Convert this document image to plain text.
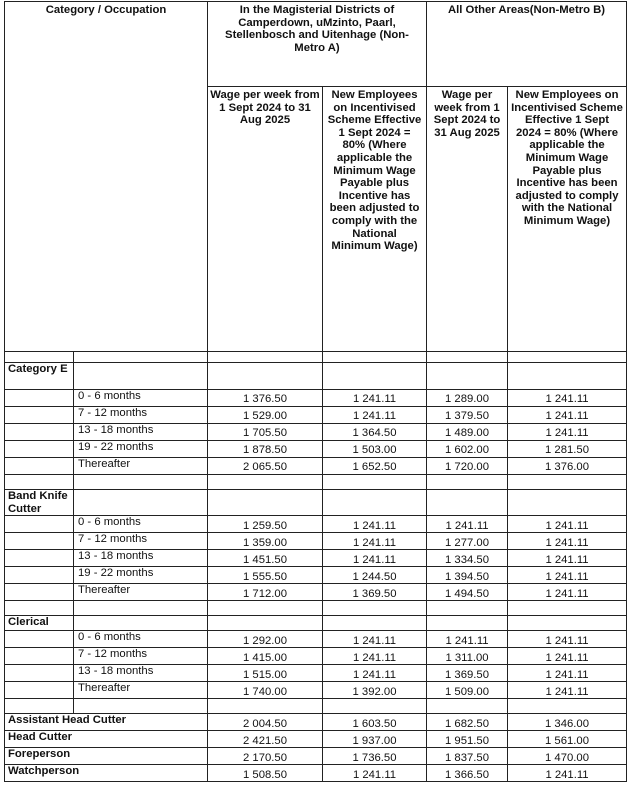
Category / Occupation		In the Magisterial Districts of Camperdown, uMzinto, Paarl, Stellenbosch and Uitenhage (Non-Metro A)		All Other Areas(Non-Metro B)	
		Wage per week from 1 Sept 2024 to 31 Aug 2025	New Employees on Incentivised Scheme Effective 1 Sept 2024 = 80% (Where applicable the Minimum Wage Payable plus Incentive has been adjusted to comply with the National Minimum Wage)	Wage per week from 1 Sept 2024 to 31 Aug 2025	New Employees on Incentivised Scheme Effective 1 Sept 2024 = 80% (Where applicable the Minimum Wage Payable plus Incentive has been adjusted to comply with the National Minimum Wage)

Category E					
	0 - 6 months	1 376.50	1 241.11	1 289.00	1 241.11
	7 - 12 months	1 529.00	1 241.11	1 379.50	1 241.11
	13 - 18 months	1 705.50	1 364.50	1 489.00	1 241.11
	19 - 22 months	1 878.50	1 503.00	1 602.00	1 281.50
	Thereafter	2 065.50	1 652.50	1 720.00	1 376.00

Band Knife Cutter					
	0 - 6 months	1 259.50	1 241.11	1 241.11	1 241.11
	7 - 12 months	1 359.00	1 241.11	1 277.00	1 241.11
	13 - 18 months	1 451.50	1 241.11	1 334.50	1 241.11
	19 - 22 months	1 555.50	1 244.50	1 394.50	1 241.11
	Thereafter	1 712.00	1 369.50	1 494.50	1 241.11

Clerical					
	0 - 6 months	1 292.00	1 241.11	1 241.11	1 241.11
	7 - 12 months	1 415.00	1 241.11	1 311.00	1 241.11
	13 - 18 months	1 515.00	1 241.11	1 369.50	1 241.11
	Thereafter	1 740.00	1 392.00	1 509.00	1 241.11

Assistant Head Cutter		2 004.50	1 603.50	1 682.50	1 346.00
Head Cutter		2 421.50	1 937.00	1 951.50	1 561.00
Foreperson		2 170.50	1 736.50	1 837.50	1 470.00
Watchperson		1 508.50	1 241.11	1 366.50	1 241.11
